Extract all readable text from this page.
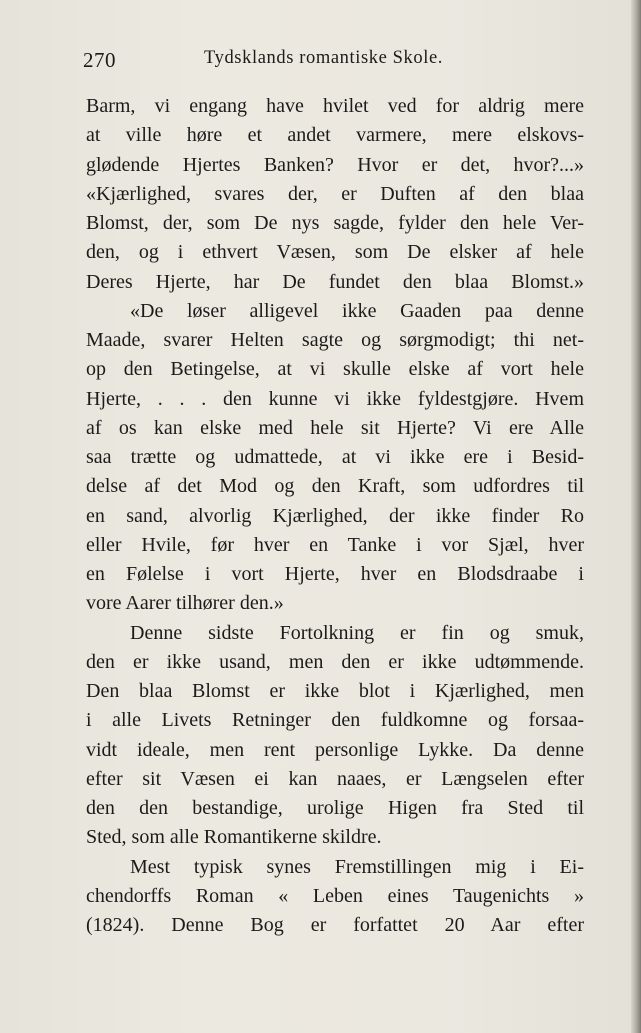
270	Tydsklands romantiske Skole.
Barm, vi engang have hvilet ved for aldrig mere
at ville høre et andet varmere, mere elskovs-
glødende Hjertes Banken? Hvor er det, hvor?...»
«Kjærlighed, svares der, er Duften af den blaa
Blomst, der, som De nys sagde, fylder den hele Ver-
den, og i ethvert Væsen, som De elsker af hele
Deres Hjerte, har De fundet den blaa Blomst.»
«De løser alligevel ikke Gaaden paa denne
Maade, svarer Helten sagte og sørgmodigt; thi net-
op den Betingelse, at vi skulle elske af vort hele
Hjerte, . . . den kunne vi ikke fyldestgjøre. Hvem
af os kan elske med hele sit Hjerte? Vi ere Alle
saa trætte og udmattede, at vi ikke ere i Besid-
delse af det Mod og den Kraft, som udfordres til
en sand, alvorlig Kjærlighed, der ikke finder Ro
eller Hvile, før hver en Tanke i vor Sjæl, hver
en Følelse i vort Hjerte, hver en Blodsdraabe i
vore Aarer tilhører den.»
Denne sidste Fortolkning er fin og smuk,
den er ikke usand, men den er ikke udtømmende.
Den blaa Blomst er ikke blot i Kjærlighed, men
i alle Livets Retninger den fuldkomne og forsaa-
vidt ideale, men rent personlige Lykke. Da denne
efter sit Væsen ei kan naaes, er Længselen efter
den den bestandige, urolige Higen fra Sted til
Sted, som alle Romantikerne skildre.
Mest typisk synes Fremstillingen mig i Ei-
chendorffs Roman « Leben eines Taugenichts »
(1824). Denne Bog er forfattet 20 Aar efter
